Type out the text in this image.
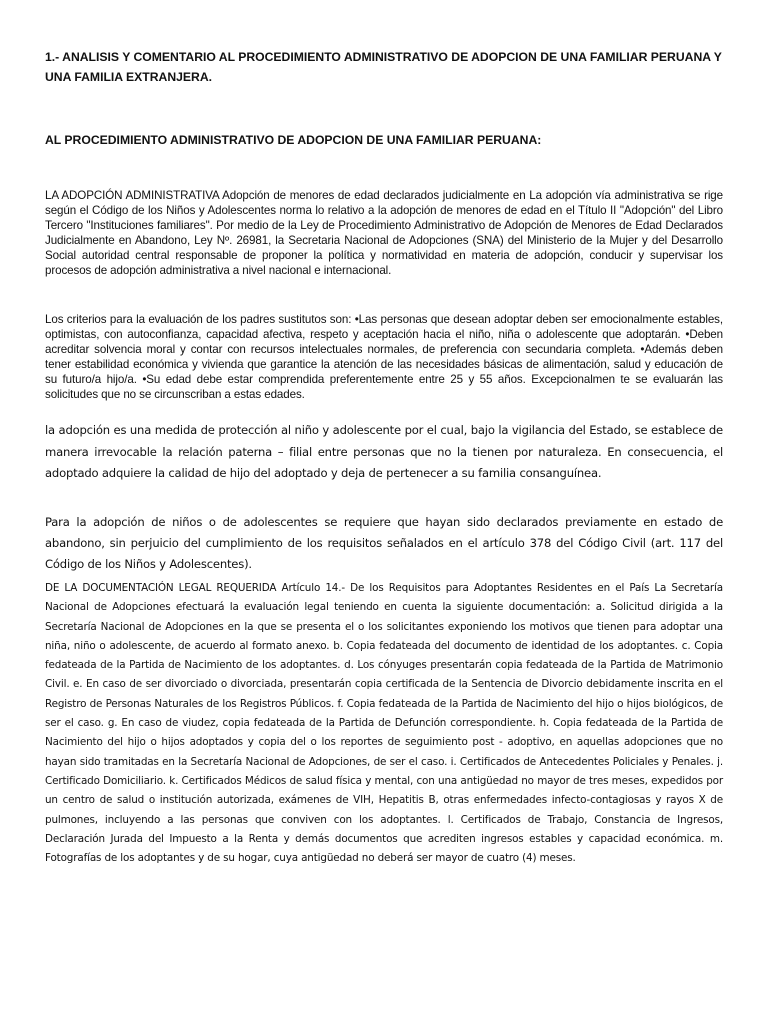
1.- ANALISIS Y COMENTARIO AL PROCEDIMIENTO ADMINISTRATIVO DE ADOPCION DE UNA FAMILIAR PERUANA Y UNA FAMILIA EXTRANJERA.
AL PROCEDIMIENTO ADMINISTRATIVO DE ADOPCION DE UNA FAMILIAR PERUANA:

LA ADOPCIÓN ADMINISTRATIVA Adopción de menores de edad declarados judicialmente en La adopción vía administrativa se rige según el Código de los Niños y Adolescentes norma lo relativo a la adopción de menores de edad en el Título II "Adopción" del Libro Tercero "Instituciones familiares". Por medio de la Ley de Procedimiento Administrativo de Adopción de Menores de Edad Declarados Judicialmente en Abandono, Ley Nº. 26981, la Secretaria Nacional de Adopciones (SNA) del Ministerio de la Mujer y del Desarrollo Social autoridad central responsable de proponer la política y normatividad en materia de adopción, conducir y supervisar los procesos de adopción administrativa a nivel nacional e internacional.

Los criterios para la evaluación de los padres sustitutos son: •Las personas que desean adoptar deben ser emocionalmente estables, optimistas, con autoconfianza, capacidad afectiva, respeto y aceptación hacia el niño, niña o adolescente que adoptarán. •Deben acreditar solvencia moral y contar con recursos intelectuales normales, de preferencia con secundaria completa. •Además deben tener estabilidad económica y vivienda que garantice la atención de las necesidades básicas de alimentación, salud y educación de su futuro/a hijo/a. •Su edad debe estar comprendida preferentemente entre 25 y 55 años. Excepcionalmen te se evaluarán las solicitudes que no se circunscriban a estas edades.

la adopción es una medida de protección al niño y adolescente por el cual, bajo la vigilancia del Estado, se establece de manera irrevocable la relación paterna – filial entre personas que no la tienen por naturaleza. En consecuencia, el adoptado adquiere la calidad de hijo del adoptado y deja de pertenecer a su familia consanguínea.

Para la adopción de niños o de adolescentes se requiere que hayan sido declarados previamente en estado de abandono, sin perjuicio del cumplimiento de los requisitos señalados en el artículo 378 del Código Civil (art. 117 del Código de los Niños y Adolescentes).

DE LA DOCUMENTACIÓN LEGAL REQUERIDA Artículo 14.- De los Requisitos para Adoptantes Residentes en el País La Secretaría Nacional de Adopciones efectuará la evaluación legal teniendo en cuenta la siguiente documentación: a. Solicitud dirigida a la Secretaría Nacional de Adopciones en la que se presenta el o los solicitantes exponiendo los motivos que tienen para adoptar una niña, niño o adolescente, de acuerdo al formato anexo. b. Copia fedateada del documento de identidad de los adoptantes. c. Copia fedateada de la Partida de Nacimiento de los adoptantes. d. Los cónyuges presentarán copia fedateada de la Partida de Matrimonio Civil. e. En caso de ser divorciado o divorciada, presentarán copia certificada de la Sentencia de Divorcio debidamente inscrita en el Registro de Personas Naturales de los Registros Públicos. f. Copia fedateada de la Partida de Nacimiento del hijo o hijos biológicos, de ser el caso. g. En caso de viudez, copia fedateada de la Partida de Defunción correspondiente. h. Copia fedateada de la Partida de Nacimiento del hijo o hijos adoptados y copia del o los reportes de seguimiento post - adoptivo, en aquellas adopciones que no hayan sido tramitadas en la Secretaría Nacional de Adopciones, de ser el caso. i. Certificados de Antecedentes Policiales y Penales. j. Certificado Domiciliario. k. Certificados Médicos de salud física y mental, con una antigüedad no mayor de tres meses, expedidos por un centro de salud o institución autorizada, exámenes de VIH, Hepatitis B, otras enfermedades infecto-contagiosas y rayos X de pulmones, incluyendo a las personas que conviven con los adoptantes. l. Certificados de Trabajo, Constancia de Ingresos, Declaración Jurada del Impuesto a la Renta y demás documentos que acrediten ingresos estables y capacidad económica. m. Fotografías de los adoptantes y de su hogar, cuya antigüedad no deberá ser mayor de cuatro (4) meses.
